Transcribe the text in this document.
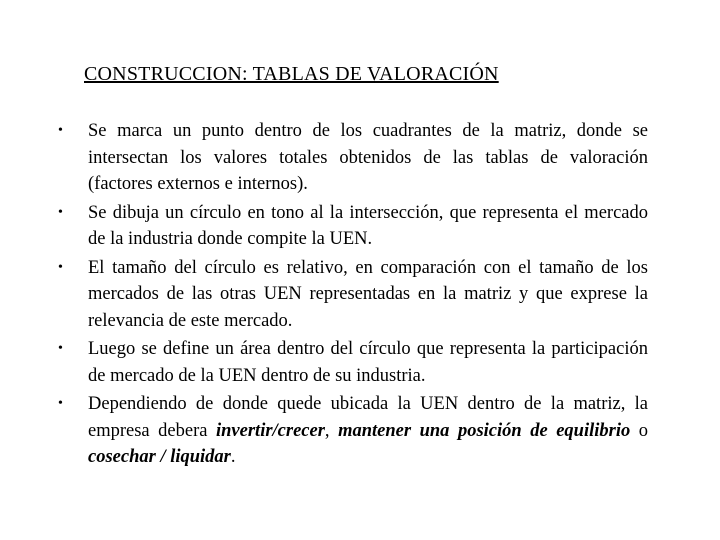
CONSTRUCCION: TABLAS DE VALORACIÓN
• Se marca un punto dentro de los cuadrantes de la matriz, donde se intersectan los valores totales obtenidos de las tablas de valoración (factores externos e internos).
• Se dibuja un círculo en tono al la intersección, que representa el mercado de la industria donde compite la UEN.
• El tamaño del círculo es relativo, en comparación con el tamaño de los mercados de las otras UEN representadas en la matriz y que exprese la relevancia de este mercado.
• Luego se define un área dentro del círculo que representa la participación de mercado de la UEN dentro de su industria.
• Dependiendo de donde quede ubicada la UEN dentro de la matriz, la empresa debera invertir/crecer, mantener una posición de equilibrio o cosechar / liquidar.
